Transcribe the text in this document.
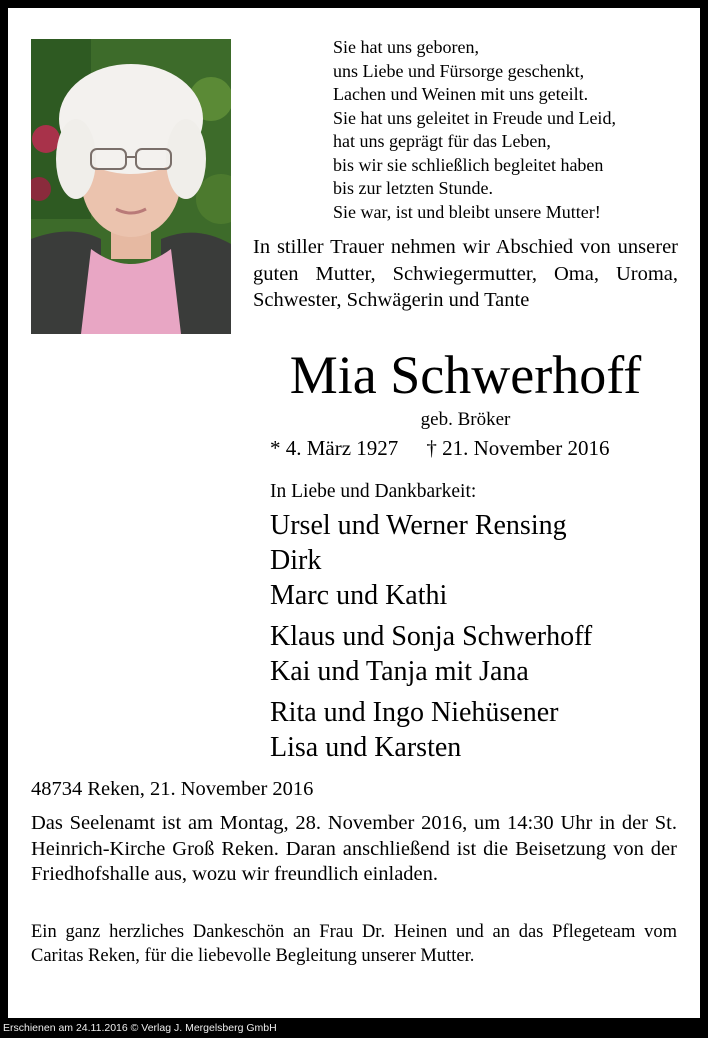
Sie hat uns geboren,
uns Liebe und Fürsorge geschenkt,
Lachen und Weinen mit uns geteilt.
Sie hat uns geleitet in Freude und Leid,
hat uns geprägt für das Leben,
bis wir sie schließlich begleitet haben
bis zur letzten Stunde.
Sie war, ist und bleibt unsere Mutter!
In stiller Trauer nehmen wir Abschied von unserer guten Mutter, Schwiegermutter, Oma, Uroma, Schwester, Schwägerin und Tante
Mia Schwerhoff
geb. Bröker
* 4. März 1927 † 21. November 2016
In Liebe und Dankbarkeit:
Ursel und Werner Rensing
Dirk
Marc und Kathi
Klaus und Sonja Schwerhoff
Kai und Tanja mit Jana
Rita und Ingo Niehüsener
Lisa und Karsten
48734 Reken, 21. November 2016
Das Seelenamt ist am Montag, 28. November 2016, um 14:30 Uhr in der St. Heinrich-Kirche Groß Reken. Daran anschließend ist die Beisetzung von der Friedhofshalle aus, wozu wir freundlich einladen.
Ein ganz herzliches Dankeschön an Frau Dr. Heinen und an das Pflegeteam vom Caritas Reken, für die liebevolle Begleitung unserer Mutter.
Erschienen am 24.11.2016 © Verlag J. Mergelsberg GmbH
